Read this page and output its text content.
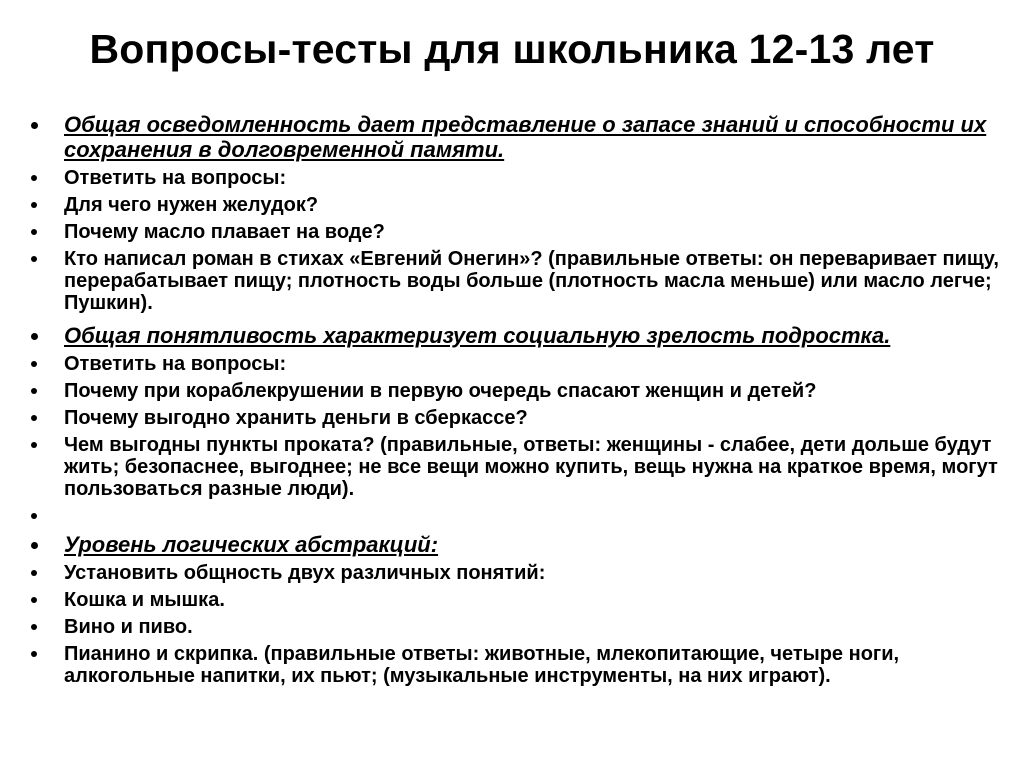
Вопросы-тесты для школьника 12-13 лет
Общая осведомленность дает представление о запасе знаний и способности их сохранения в долговременной памяти.
Ответить на вопросы:
Для чего нужен желудок?
Почему масло плавает на воде?
Кто написал роман в стихах «Евгений Онегин»? (правильные ответы: он переваривает пищу, перерабатывает пищу; плотность воды больше (плотность масла меньше) или масло легче; Пушкин).
Общая понятливость характеризует социальную зрелость подростка.
Ответить на вопросы:
Почему при кораблекрушении в первую очередь спасают женщин и детей?
Почему выгодно хранить деньги в сберкассе?
Чем выгодны пункты проката? (правильные, ответы: женщины - слабее, дети дольше будут жить; безопаснее, выгоднее; не все вещи можно купить, вещь нужна на краткое время, могут пользоваться разные люди).
Уровень логических абстракций:
Установить общность двух различных понятий:
Кошка и мышка.
Вино и пиво.
Пианино и скрипка. (правильные ответы: животные, млекопитающие, четыре ноги, алкогольные напитки, их пьют; (музыкальные инструменты, на них играют).
